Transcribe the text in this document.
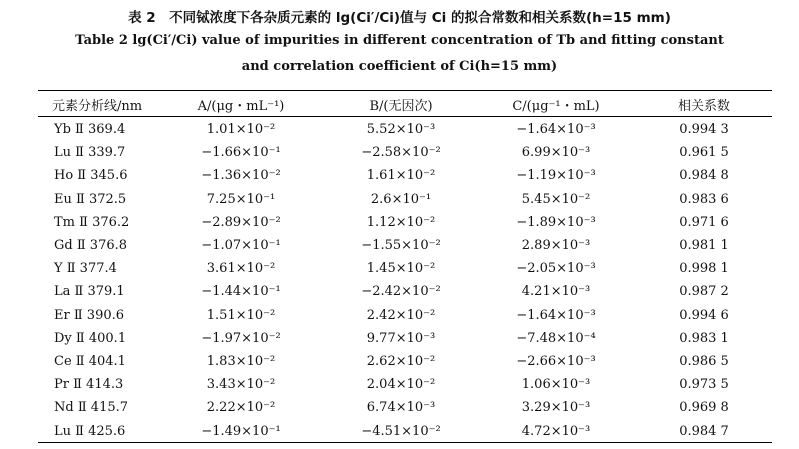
表 2　不同铽浓度下各杂质元素的 lg(Ci′/Ci)值与 Ci 的拟合常数和相关系数(h=15 mm)
Table 2 lg(Ci′/Ci) value of impurities in different concentration of Tb and fitting constant
and correlation coefficient of Ci(h=15 mm)
元素分析线/nm	A/(μg・mL⁻¹)	B/(无因次)	C/(μg⁻¹・mL)	相关系数
Yb Ⅱ 369.4	1.01×10⁻²	5.52×10⁻³	−1.64×10⁻³	0.994 3
Lu Ⅱ 339.7	−1.66×10⁻¹	−2.58×10⁻²	6.99×10⁻³	0.961 5
Ho Ⅱ 345.6	−1.36×10⁻²	1.61×10⁻²	−1.19×10⁻³	0.984 8
Eu Ⅱ 372.5	7.25×10⁻¹	2.6×10⁻¹	5.45×10⁻²	0.983 6
Tm Ⅱ 376.2	−2.89×10⁻²	1.12×10⁻²	−1.89×10⁻³	0.971 6
Gd Ⅱ 376.8	−1.07×10⁻¹	−1.55×10⁻²	2.89×10⁻³	0.981 1
Y Ⅱ 377.4	3.61×10⁻²	1.45×10⁻²	−2.05×10⁻³	0.998 1
La Ⅱ 379.1	−1.44×10⁻¹	−2.42×10⁻²	4.21×10⁻³	0.987 2
Er Ⅱ 390.6	1.51×10⁻²	2.42×10⁻²	−1.64×10⁻³	0.994 6
Dy Ⅱ 400.1	−1.97×10⁻²	9.77×10⁻³	−7.48×10⁻⁴	0.983 1
Ce Ⅱ 404.1	1.83×10⁻²	2.62×10⁻²	−2.66×10⁻³	0.986 5
Pr Ⅱ 414.3	3.43×10⁻²	2.04×10⁻²	1.06×10⁻³	0.973 5
Nd Ⅱ 415.7	2.22×10⁻²	6.74×10⁻³	3.29×10⁻³	0.969 8
Lu Ⅱ 425.6	−1.49×10⁻¹	−4.51×10⁻²	4.72×10⁻³	0.984 7
